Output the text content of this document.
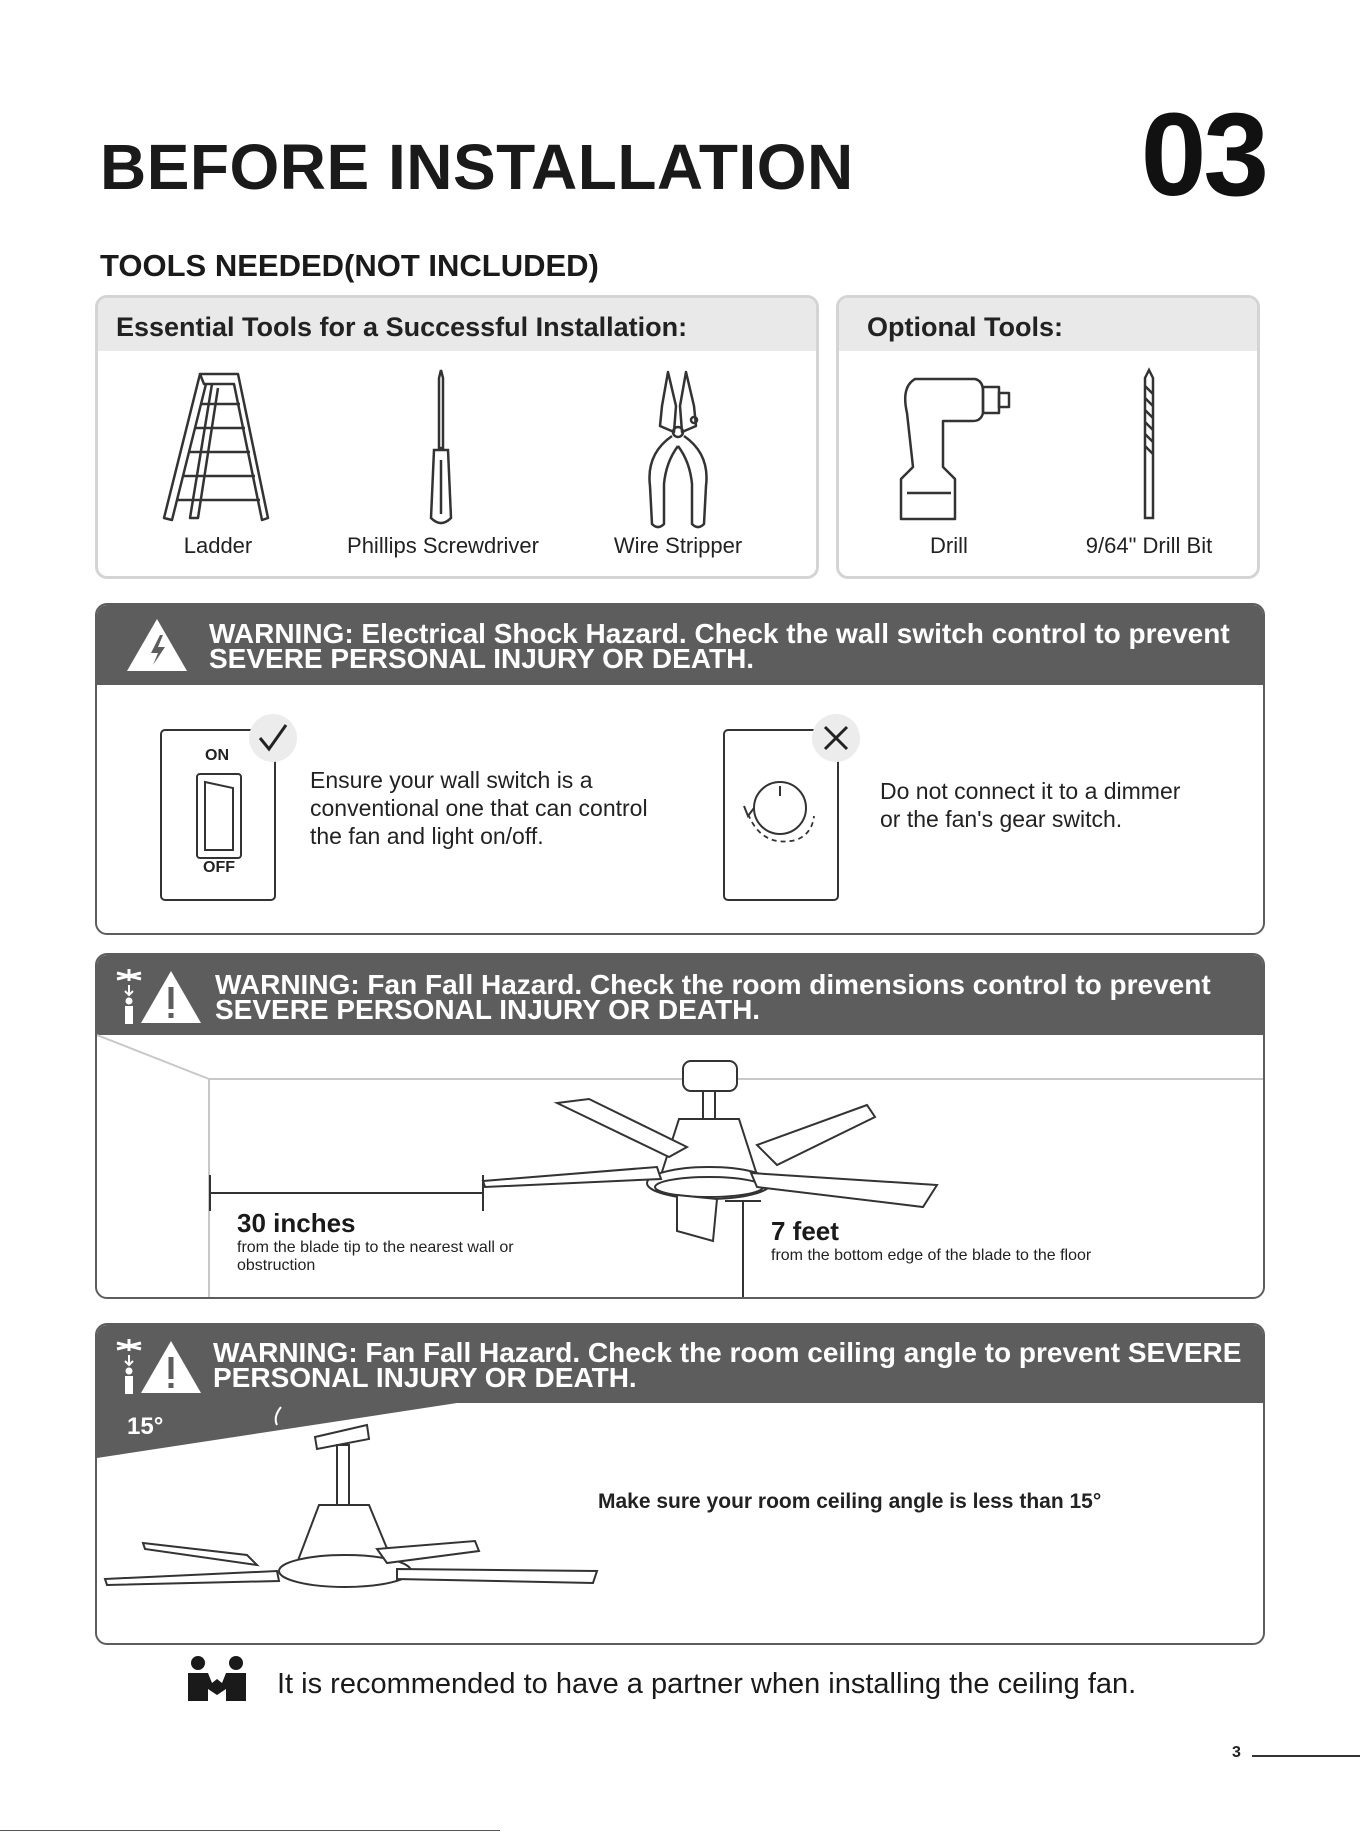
BEFORE INSTALLATION 03
TOOLS NEEDED(NOT INCLUDED)
Essential Tools for a Successful Installation:
Ladder	Phillips Screwdriver	Wire Stripper
Optional Tools:
Drill	9/64" Drill Bit
WARNING: Electrical Shock Hazard. Check the wall switch control to prevent
SEVERE PERSONAL INJURY OR DEATH.
ON
OFF
Ensure your wall switch is a conventional one that can control the fan and light on/off.
Do not connect it to a dimmer or the fan's gear switch.
WARNING: Fan Fall Hazard. Check the room dimensions control to prevent
SEVERE PERSONAL INJURY OR DEATH.
30 inches
from the blade tip to the nearest wall or obstruction
7 feet
from the bottom edge of the blade to the floor
WARNING: Fan Fall Hazard. Check the room ceiling angle to prevent SEVERE
PERSONAL INJURY OR DEATH.
15°
Make sure your room ceiling angle is less than 15°
It is recommended to have a partner when installing the ceiling fan.
3
